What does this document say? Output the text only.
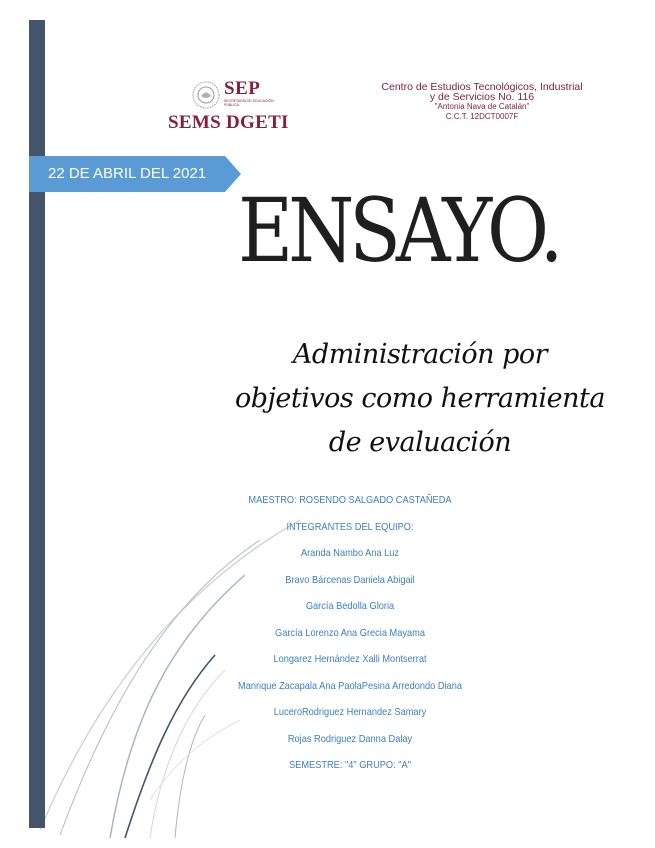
SEP
SECRETARÍA DE EDUCACIÓN PÚBLICA
SEMS DGETI
Centro de Estudios Tecnológicos, Industrial
y de Servicios No. 116
"Antonia Nava de Catalán"
C.C.T. 12DCT0007F
22 DE ABRIL DEL 2021
ENSAYO.
Administración por
objetivos como herramienta
de evaluación
MAESTRO: ROSENDO SALGADO CASTAÑEDA
INTEGRANTES DEL EQUIPO:
Aranda Nambo Ana Luz
Bravo Bárcenas Daniela Abigail
García Bedolla Gloria
García Lorenzo Ana Grecia Mayama
Longarez Hernández Xalli Montserrat
Manrique Zacapala Ana PaolaPesina Arredondo Diana
LuceroRodriguez Hernandez Samary
Rojas Rodriguez Danna Dalay
SEMESTRE: "4" GRUPO: "A"
